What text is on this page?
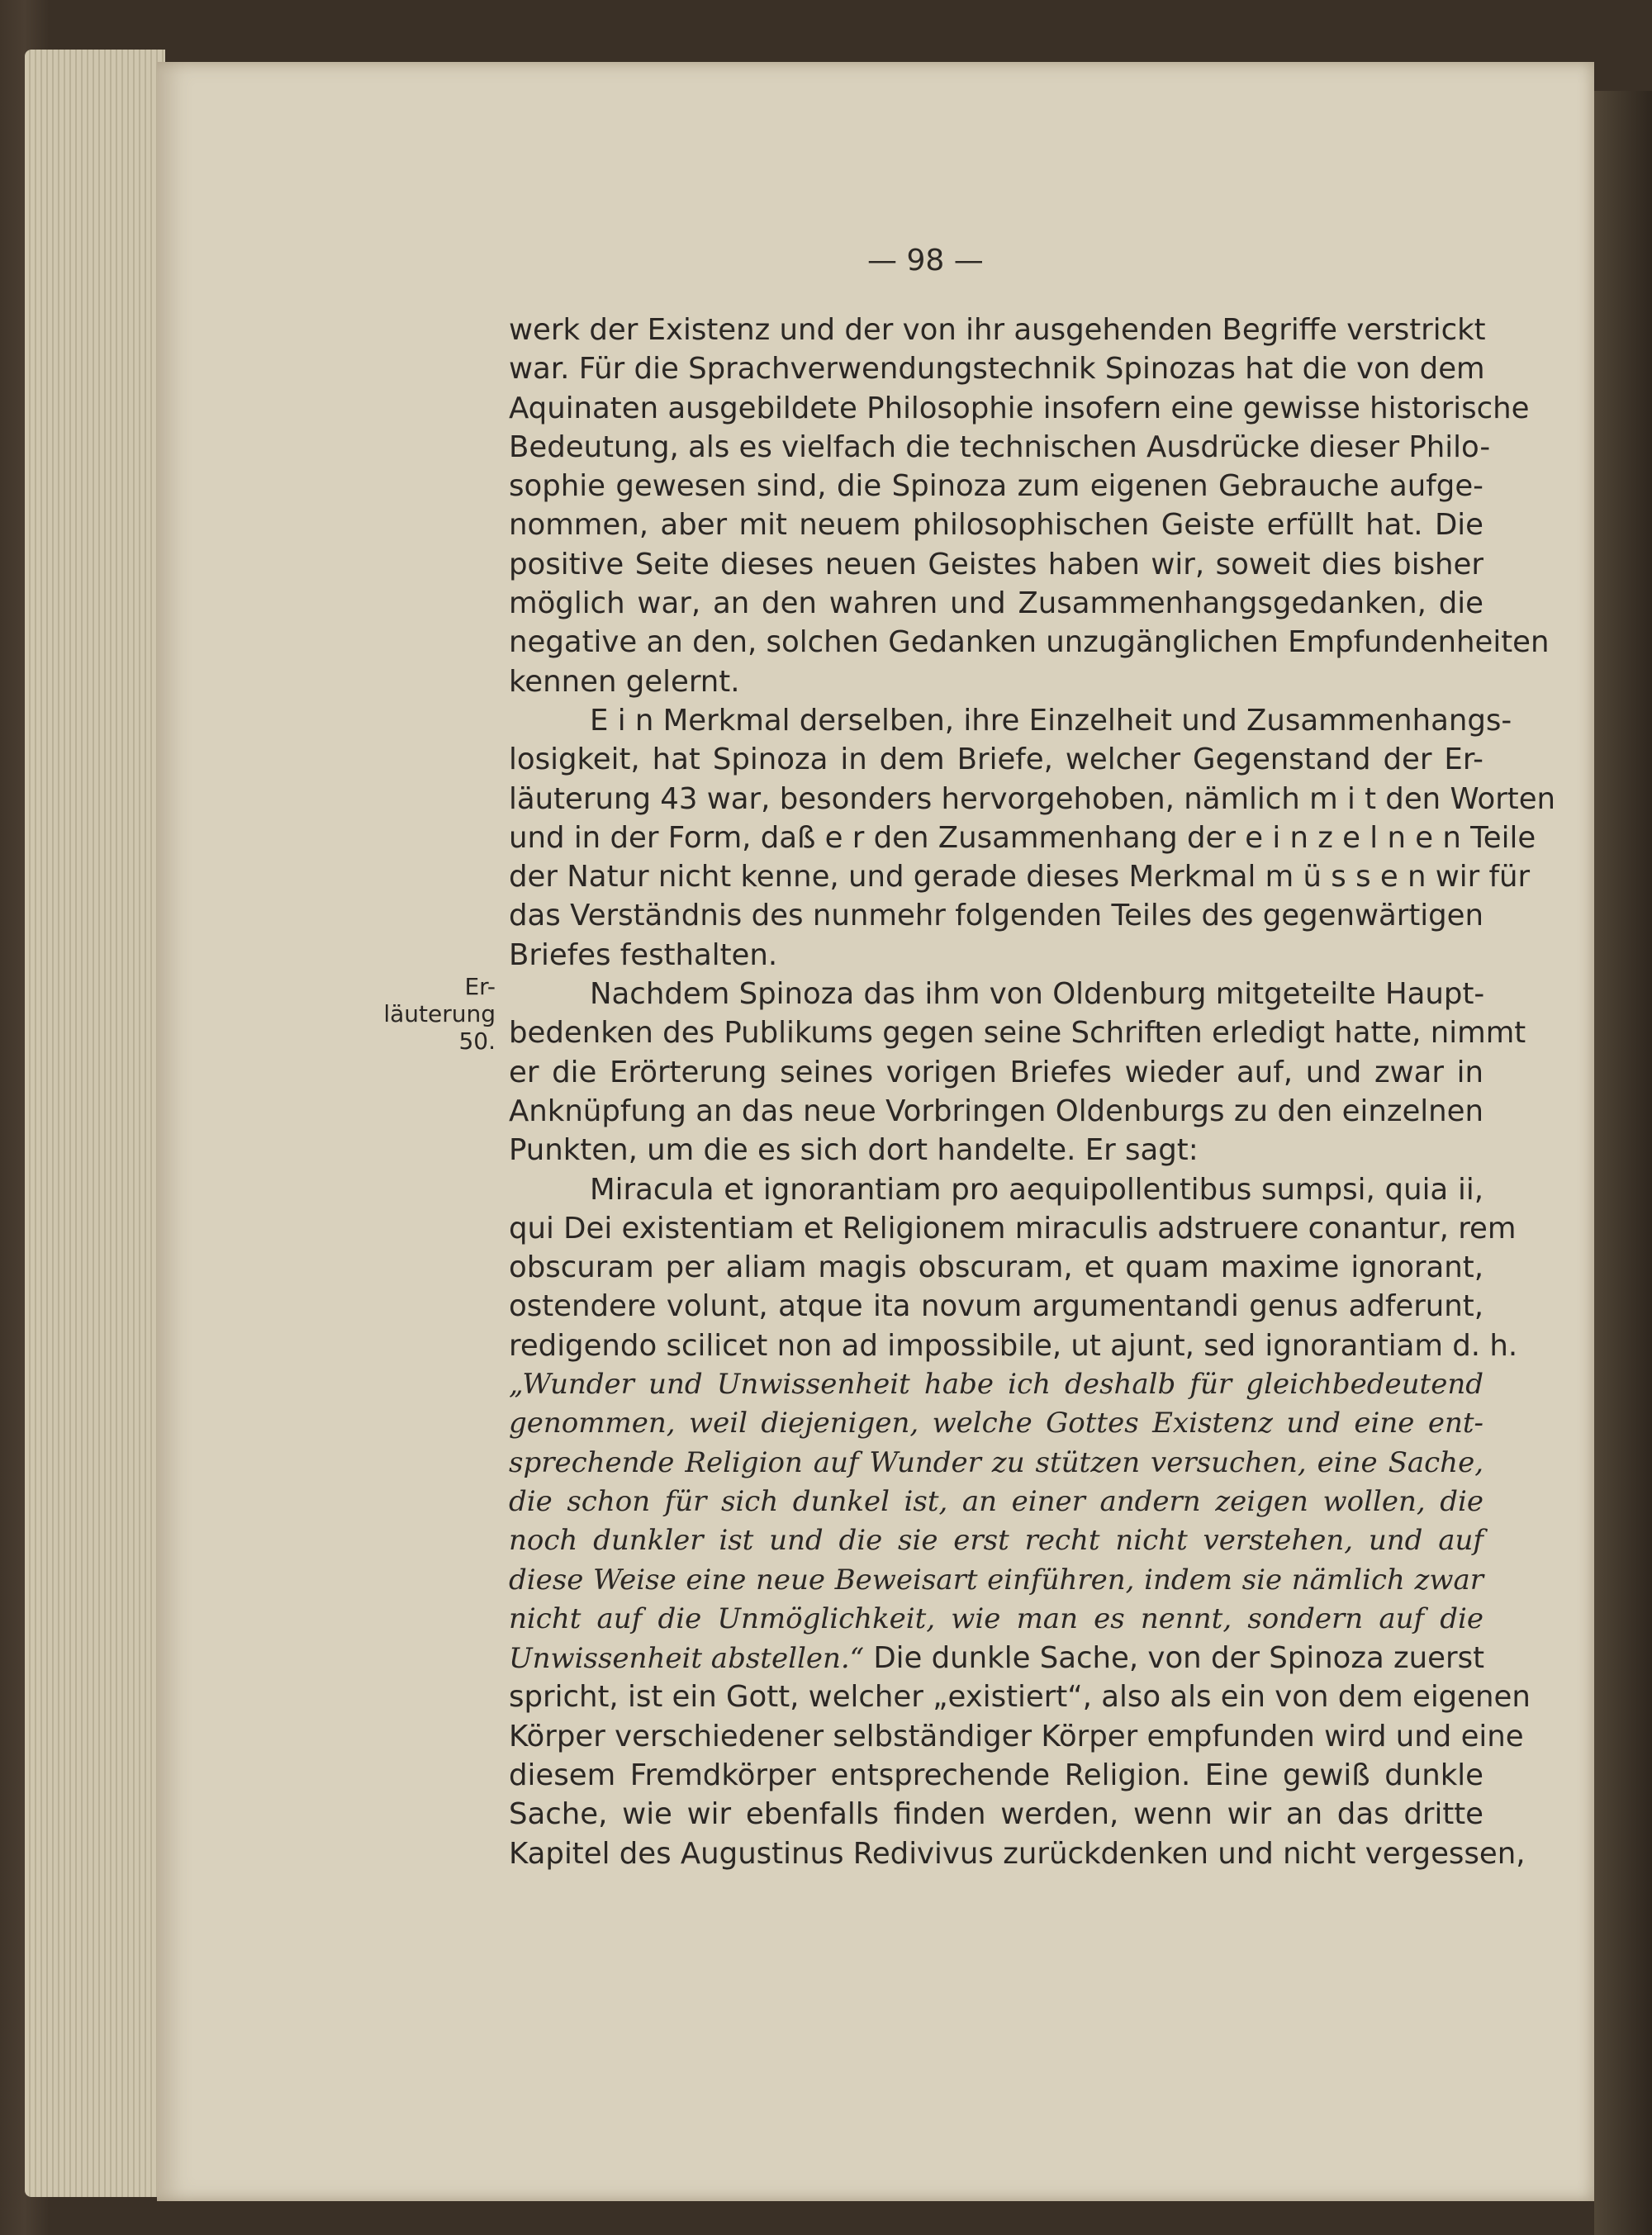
— 98 —
Er-
läuterung
50.
werk der Existenz und der von ihr ausgehenden Begriffe verstrickt
war. Für die Sprachverwendungstechnik Spinozas hat die von dem
Aquinaten ausgebildete Philosophie insofern eine gewisse historische
Bedeutung, als es vielfach die technischen Ausdrücke dieser Philo-
sophie gewesen sind, die Spinoza zum eigenen Gebrauche aufge-
nommen, aber mit neuem philosophischen Geiste erfüllt hat. Die
positive Seite dieses neuen Geistes haben wir, soweit dies bisher
möglich war, an den wahren und Zusammenhangsgedanken, die
negative an den, solchen Gedanken unzugänglichen Empfundenheiten
kennen gelernt.
E i n Merkmal derselben, ihre Einzelheit und Zusammenhangs-
losigkeit, hat Spinoza in dem Briefe, welcher Gegenstand der Er-
läuterung 43 war, besonders hervorgehoben, nämlich m i t den Worten
und in der Form, daß e r den Zusammenhang der e i n z e l n e n Teile
der Natur nicht kenne, und gerade dieses Merkmal m ü s s e n wir für
das Verständnis des nunmehr folgenden Teiles des gegenwärtigen
Briefes festhalten.
Nachdem Spinoza das ihm von Oldenburg mitgeteilte Haupt-
bedenken des Publikums gegen seine Schriften erledigt hatte, nimmt
er die Erörterung seines vorigen Briefes wieder auf, und zwar in
Anknüpfung an das neue Vorbringen Oldenburgs zu den einzelnen
Punkten, um die es sich dort handelte. Er sagt:
Miracula et ignorantiam pro aequipollentibus sumpsi, quia ii,
qui Dei existentiam et Religionem miraculis adstruere conantur, rem
obscuram per aliam magis obscuram, et quam maxime ignorant,
ostendere volunt, atque ita novum argumentandi genus adferunt,
redigendo scilicet non ad impossibile, ut ajunt, sed ignorantiam d. h.
„Wunder und Unwissenheit habe ich deshalb für gleichbedeutend
genommen, weil diejenigen, welche Gottes Existenz und eine ent-
sprechende Religion auf Wunder zu stützen versuchen, eine Sache,
die schon für sich dunkel ist, an einer andern zeigen wollen, die
noch dunkler ist und die sie erst recht nicht verstehen, und auf
diese Weise eine neue Beweisart einführen, indem sie nämlich zwar
nicht auf die Unmöglichkeit, wie man es nennt, sondern auf die
Unwissenheit abstellen.“ Die dunkle Sache, von der Spinoza zuerst
spricht, ist ein Gott, welcher „existiert“, also als ein von dem eigenen
Körper verschiedener selbständiger Körper empfunden wird und eine
diesem Fremdkörper entsprechende Religion. Eine gewiß dunkle
Sache, wie wir ebenfalls finden werden, wenn wir an das dritte
Kapitel des Augustinus Redivivus zurückdenken und nicht vergessen,
